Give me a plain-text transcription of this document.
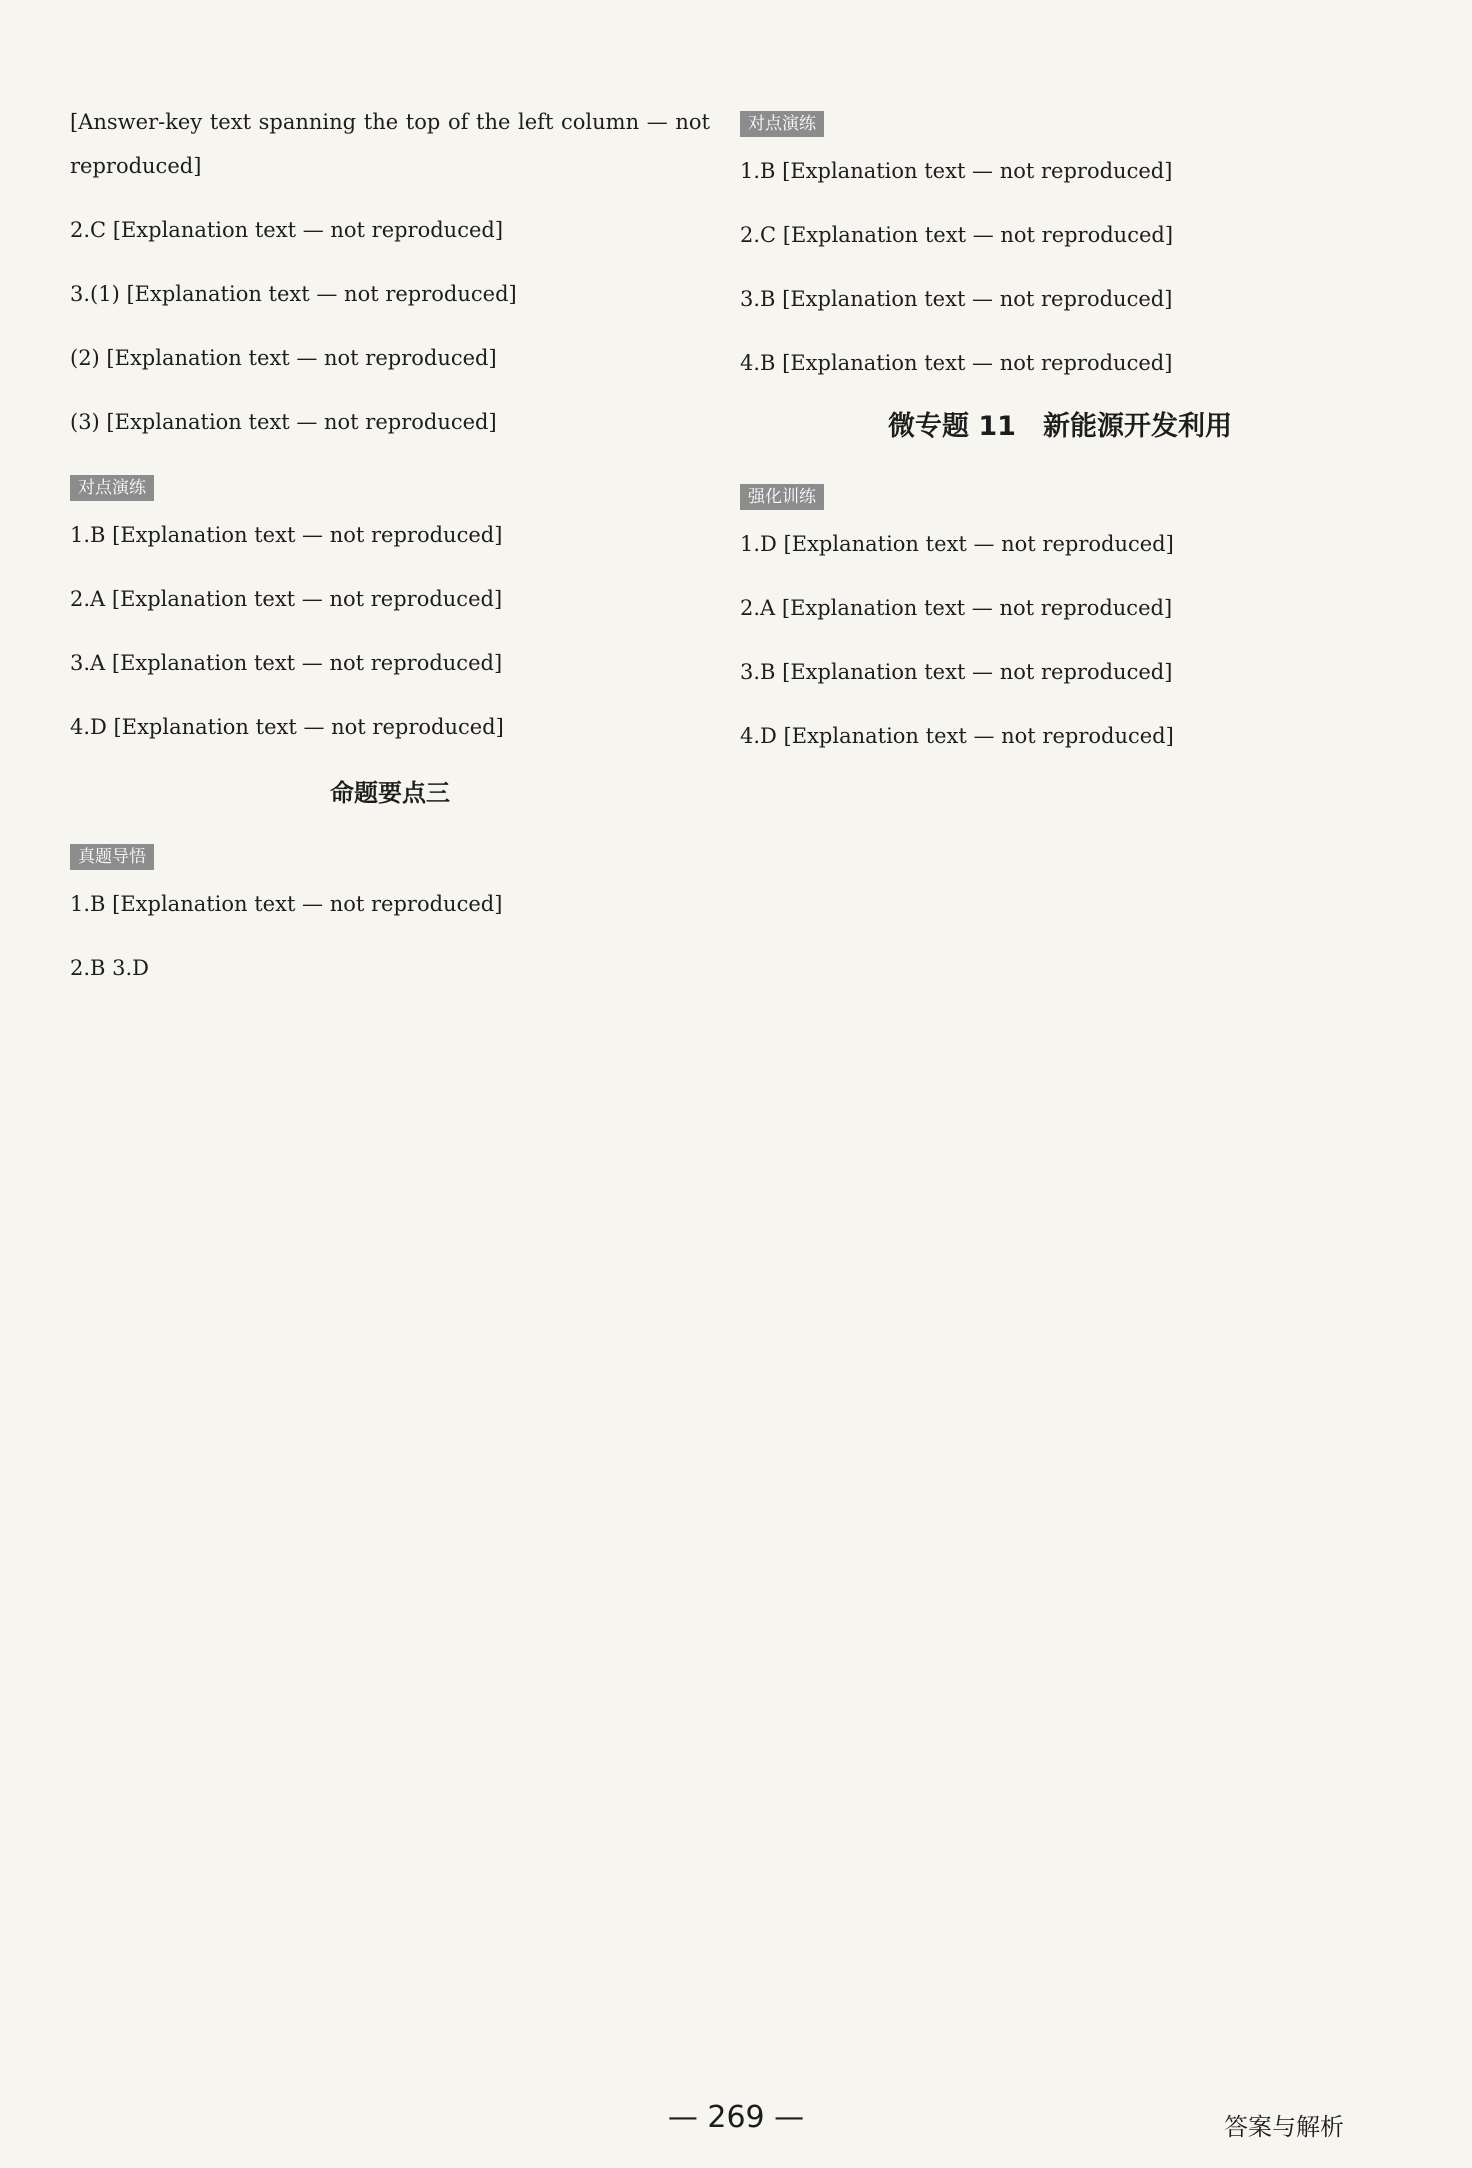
[Answer-key text spanning the top of the left column — not reproduced]

2.C [Explanation text — not reproduced]

3.(1) [Explanation text — not reproduced]

(2) [Explanation text — not reproduced]

(3) [Explanation text — not reproduced]

对点演练

1.B [Explanation text — not reproduced]

2.A [Explanation text — not reproduced]

3.A [Explanation text — not reproduced]

4.D [Explanation text — not reproduced]

命题要点三
真题导悟

1.B [Explanation text — not reproduced]

2.B 3.D

对点演练

1.B [Explanation text — not reproduced]

2.C [Explanation text — not reproduced]

3.B [Explanation text — not reproduced]

4.B [Explanation text — not reproduced]

微专题 11　新能源开发利用
强化训练

1.D [Explanation text — not reproduced]

2.A [Explanation text — not reproduced]

3.B [Explanation text — not reproduced]

4.D [Explanation text — not reproduced]

— 269 —	答案与解析
